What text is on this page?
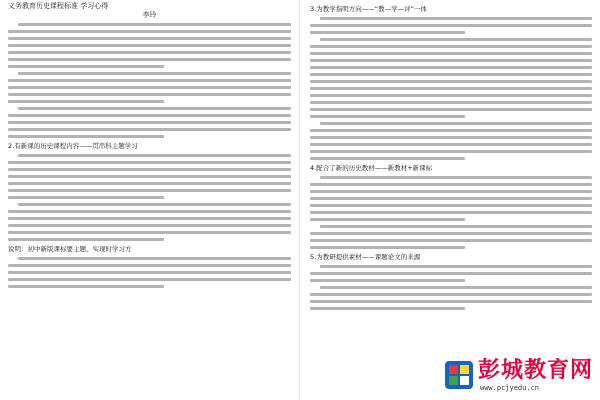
义务教育历史课程标准 学习心得
李玲
2.有新课的历史课程内容——贯串科主题学习
说明：初中新版课标要主题，实现时学习方
3.为教学指明方向——“教—学—评”一体
4.配合了新的历史教材——新教材+新课标
5.为教研提供素材——课题论文的来源
彭城教育网
www.pcjyedu.cn
